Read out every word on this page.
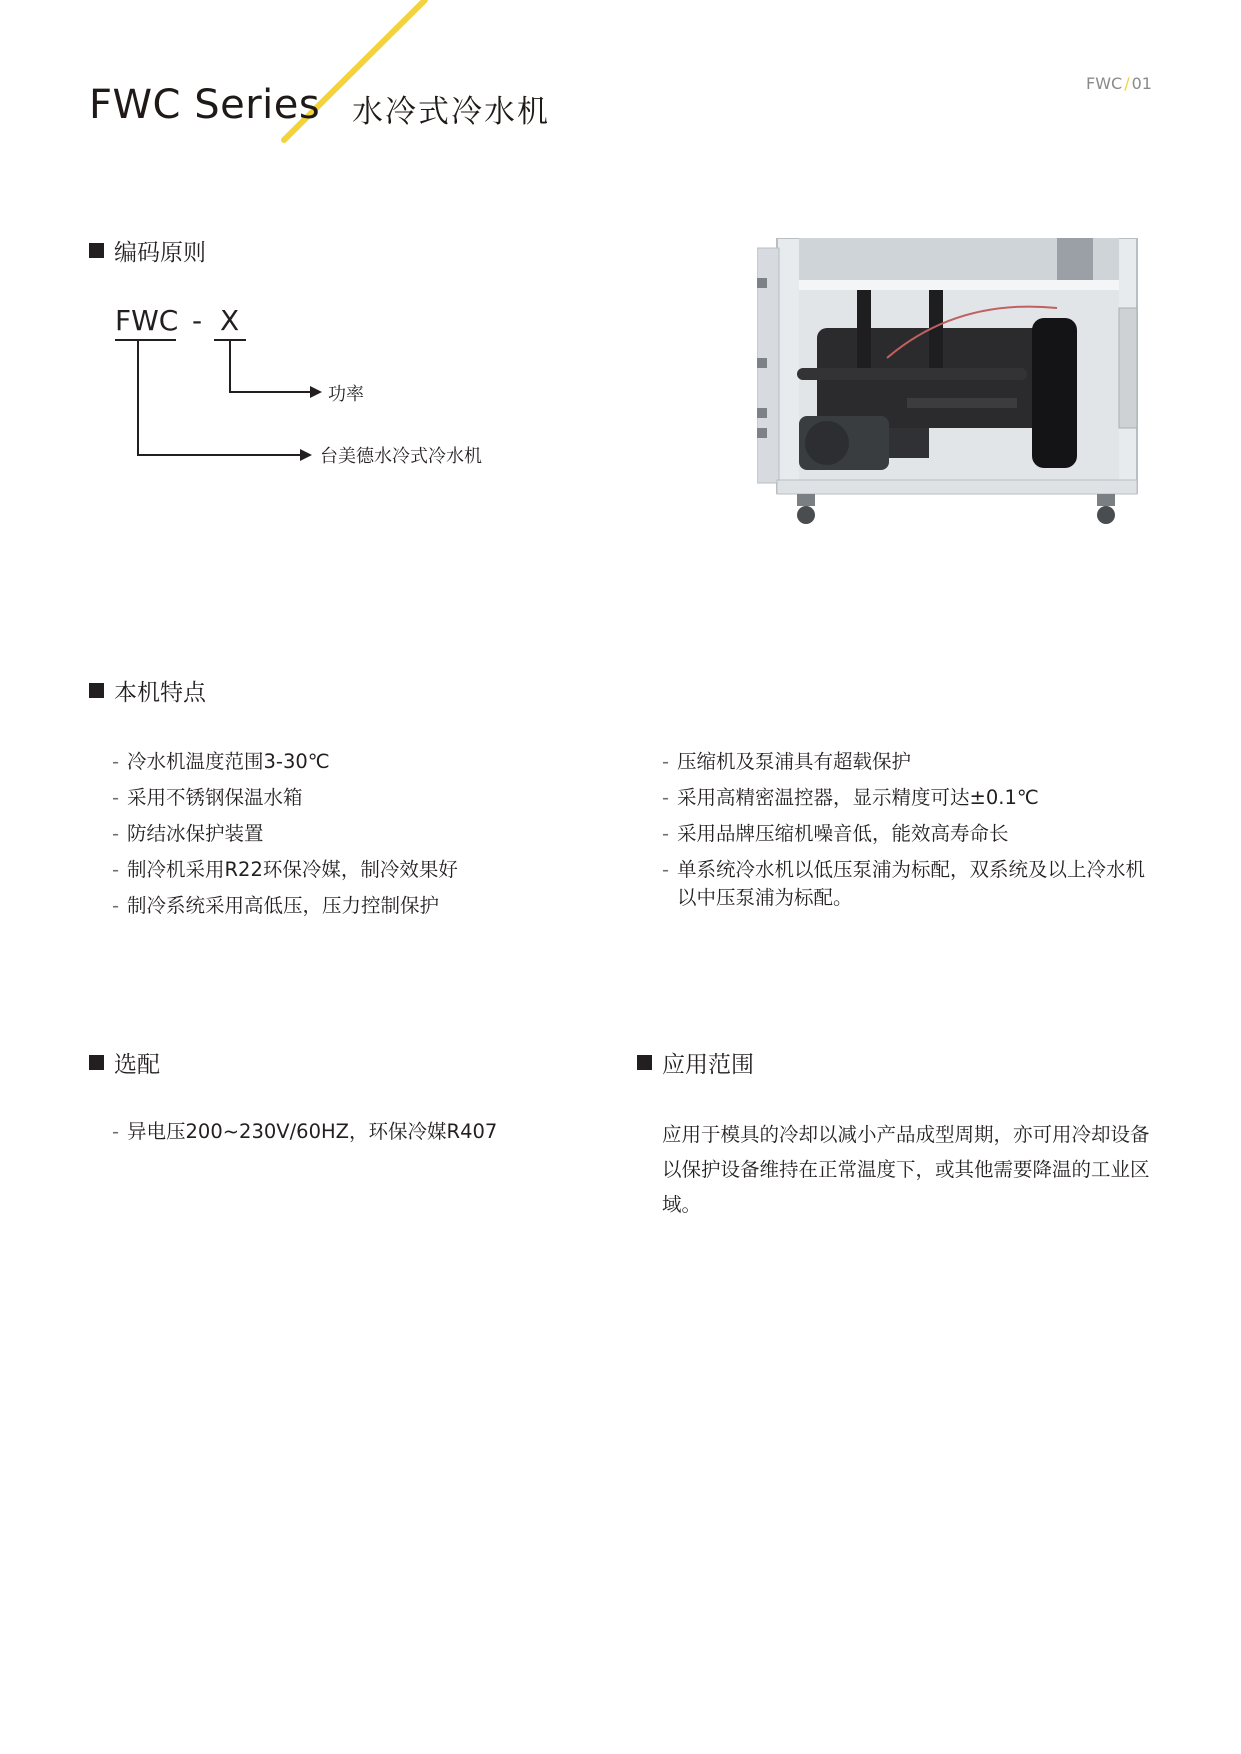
FWC Series 水冷式冷水机
FWC / 01
编码原则
FWC - X
功率
台美德水冷式冷水机
本机特点
- 冷水机温度范围3-30℃
- 采用不锈钢保温水箱
- 防结冰保护装置
- 制冷机采用R22环保冷媒，制冷效果好
- 制冷系统采用高低压，压力控制保护
- 压缩机及泵浦具有超载保护
- 采用高精密温控器，显示精度可达±0.1℃
- 采用品牌压缩机噪音低，能效高寿命长
- 单系统冷水机以低压泵浦为标配，双系统及以上冷水机以中压泵浦为标配。
选配
- 异电压200~230V/60HZ，环保冷媒R407
应用范围
应用于模具的冷却以减小产品成型周期，亦可用冷却设备以保护设备维持在正常温度下，或其他需要降温的工业区域。
